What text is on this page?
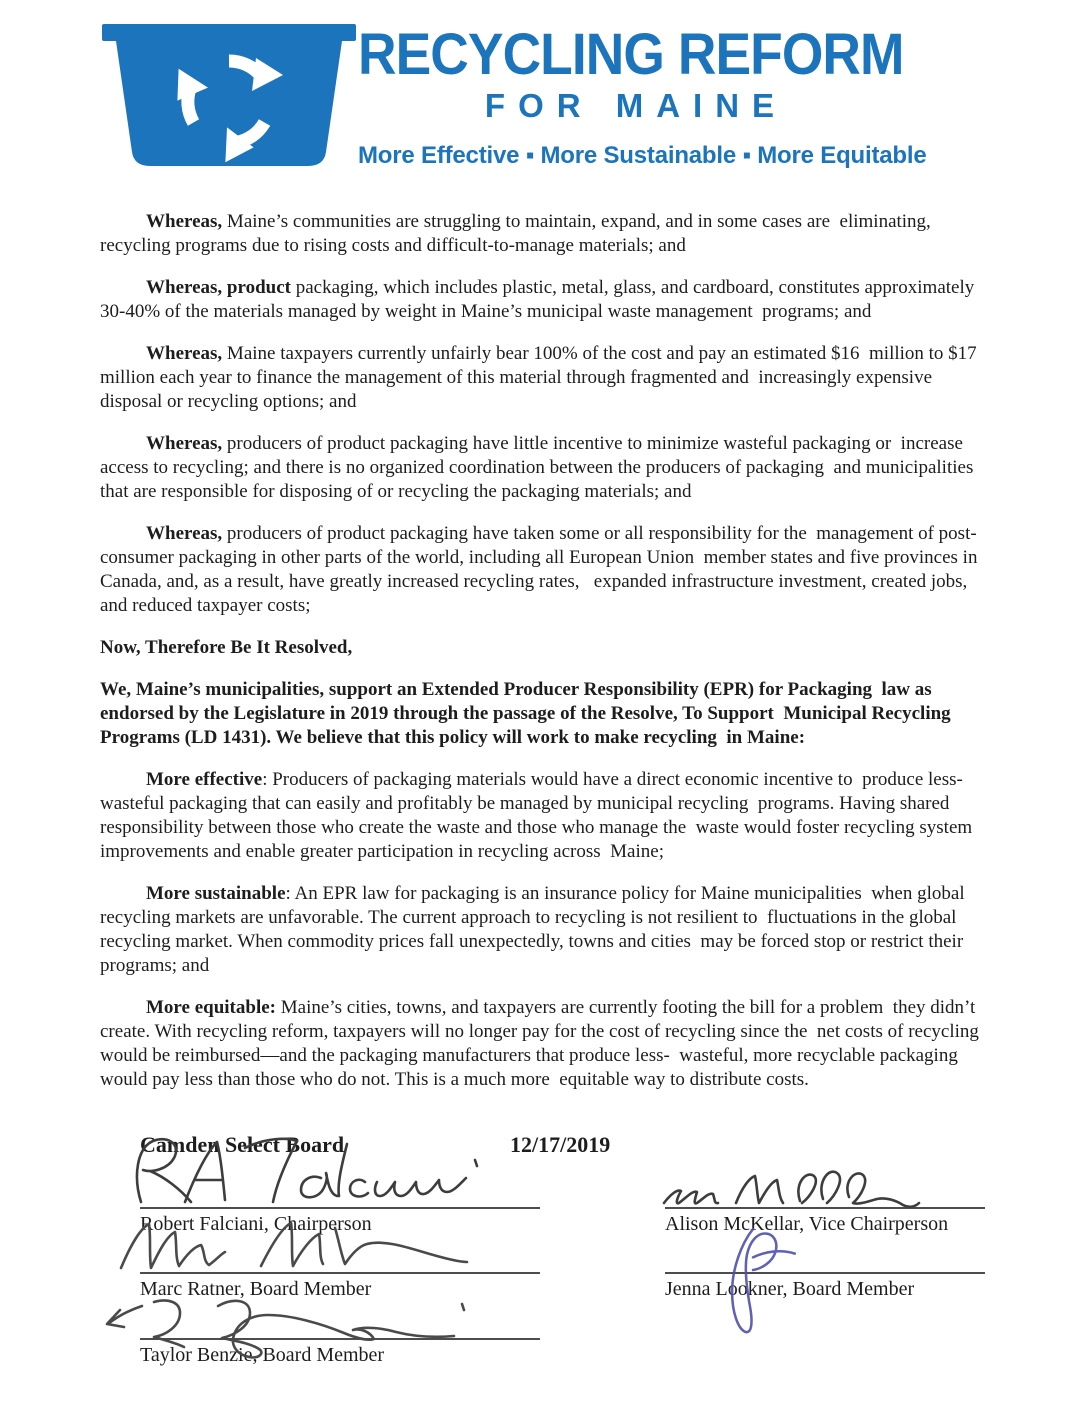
RECYCLING REFORM
FOR MAINE
More Effective ▪ More Sustainable ▪ More Equitable

Whereas, Maine’s communities are struggling to maintain, expand, and in some cases are  eliminating, recycling programs due to rising costs and difficult-to-manage materials; and

Whereas, product packaging, which includes plastic, metal, glass, and cardboard, constitutes approximately 30-40% of the materials managed by weight in Maine’s municipal waste management  programs; and

Whereas, Maine taxpayers currently unfairly bear 100% of the cost and pay an estimated $16  million to $17 million each year to finance the management of this material through fragmented and  increasingly expensive disposal or recycling options; and

Whereas, producers of product packaging have little incentive to minimize wasteful packaging or  increase access to recycling; and there is no organized coordination between the producers of packaging  and municipalities that are responsible for disposing of or recycling the packaging materials; and

Whereas, producers of product packaging have taken some or all responsibility for the  management of post-consumer packaging in other parts of the world, including all European Union  member states and five provinces in Canada, and, as a result, have greatly increased recycling rates,   expanded infrastructure investment, created jobs, and reduced taxpayer costs;

Now, Therefore Be It Resolved,

We, Maine’s municipalities, support an Extended Producer Responsibility (EPR) for Packaging  law as endorsed by the Legislature in 2019 through the passage of the Resolve, To Support  Municipal Recycling Programs (LD 1431). We believe that this policy will work to make recycling  in Maine:

More effective: Producers of packaging materials would have a direct economic incentive to  produce less-wasteful packaging that can easily and profitably be managed by municipal recycling  programs. Having shared responsibility between those who create the waste and those who manage the  waste would foster recycling system improvements and enable greater participation in recycling across  Maine;

More sustainable: An EPR law for packaging is an insurance policy for Maine municipalities  when global recycling markets are unfavorable. The current approach to recycling is not resilient to  fluctuations in the global recycling market. When commodity prices fall unexpectedly, towns and cities  may be forced stop or restrict their programs; and

More equitable: Maine’s cities, towns, and taxpayers are currently footing the bill for a problem  they didn’t create. With recycling reform, taxpayers will no longer pay for the cost of recycling since the  net costs of recycling would be reimbursed—and the packaging manufacturers that produce less-  wasteful, more recyclable packaging would pay less than those who do not. This is a much more  equitable way to distribute costs.

Camden Select Board	12/17/2019
Robert Falciani, Chairperson
Marc Ratner, Board Member
Taylor Benzie, Board Member
Alison McKellar, Vice Chairperson
Jenna Lookner, Board Member
